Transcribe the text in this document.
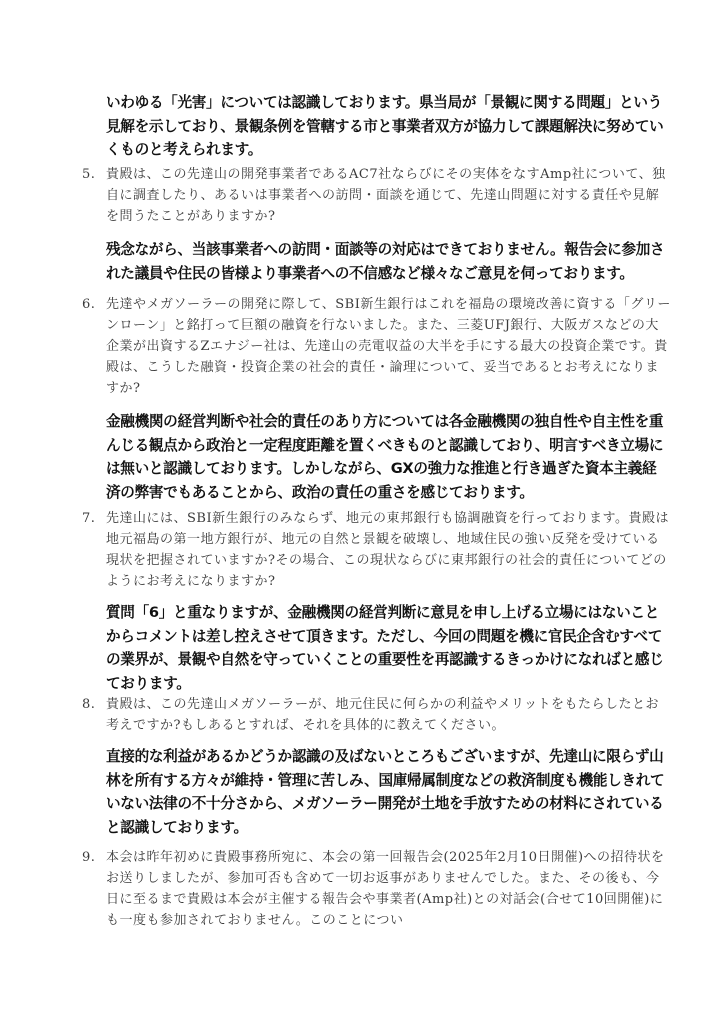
いわゆる「光害」については認識しております。県当局が「景観に関する問題」という見解を示しており、景観条例を管轄する市と事業者双方が協力して課題解決に努めていくものと考えられます。
5. 貴殿は、この先達山の開発事業者であるAC7社ならびにその実体をなすAmp社について、独自に調査したり、あるいは事業者への訪問・面談を通じて、先達山問題に対する責任や見解を問うたことがありますか?
残念ながら、当該事業者への訪問・面談等の対応はできておりません。報告会に参加された議員や住民の皆様より事業者への不信感など様々なご意見を伺っております。
6. 先達やメガソーラーの開発に際して、SBI新生銀行はこれを福島の環境改善に資する「グリーンローン」と銘打って巨額の融資を行ないました。また、三菱UFJ銀行、大阪ガスなどの大企業が出資するZエナジー社は、先達山の売電収益の大半を手にする最大の投資企業です。貴殿は、こうした融資・投資企業の社会的責任・論理について、妥当であるとお考えになりますか?
金融機関の経営判断や社会的責任のあり方については各金融機関の独自性や自主性を重んじる観点から政治と一定程度距離を置くべきものと認識しており、明言すべき立場には無いと認識しております。しかしながら、GXの強力な推進と行き過ぎた資本主義経済の弊害でもあることから、政治の責任の重さを感じております。
7. 先達山には、SBI新生銀行のみならず、地元の東邦銀行も協調融資を行っております。貴殿は地元福島の第一地方銀行が、地元の自然と景観を破壊し、地域住民の強い反発を受けている現状を把握されていますか?その場合、この現状ならびに東邦銀行の社会的責任についてどのようにお考えになりますか?
質問「6」と重なりますが、金融機関の経営判断に意見を申し上げる立場にはないことからコメントは差し控えさせて頂きます。ただし、今回の問題を機に官民企含むすべての業界が、景観や自然を守っていくことの重要性を再認識するきっかけになればと感じております。
8. 貴殿は、この先達山メガソーラーが、地元住民に何らかの利益やメリットをもたらしたとお考えですか?もしあるとすれば、それを具体的に教えてください。
直接的な利益があるかどうか認識の及ばないところもございますが、先達山に限らず山林を所有する方々が維持・管理に苦しみ、国庫帰属制度などの救済制度も機能しきれていない法律の不十分さから、メガソーラー開発が土地を手放すための材料にされていると認識しております。
9. 本会は昨年初めに貴殿事務所宛に、本会の第一回報告会(2025年2月10日開催)への招待状をお送りしましたが、参加可否も含めて一切お返事がありませんでした。また、その後も、今日に至るまで貴殿は本会が主催する報告会や事業者(Amp社)との対話会(合せて10回開催)にも一度も参加されておりません。このことについ
